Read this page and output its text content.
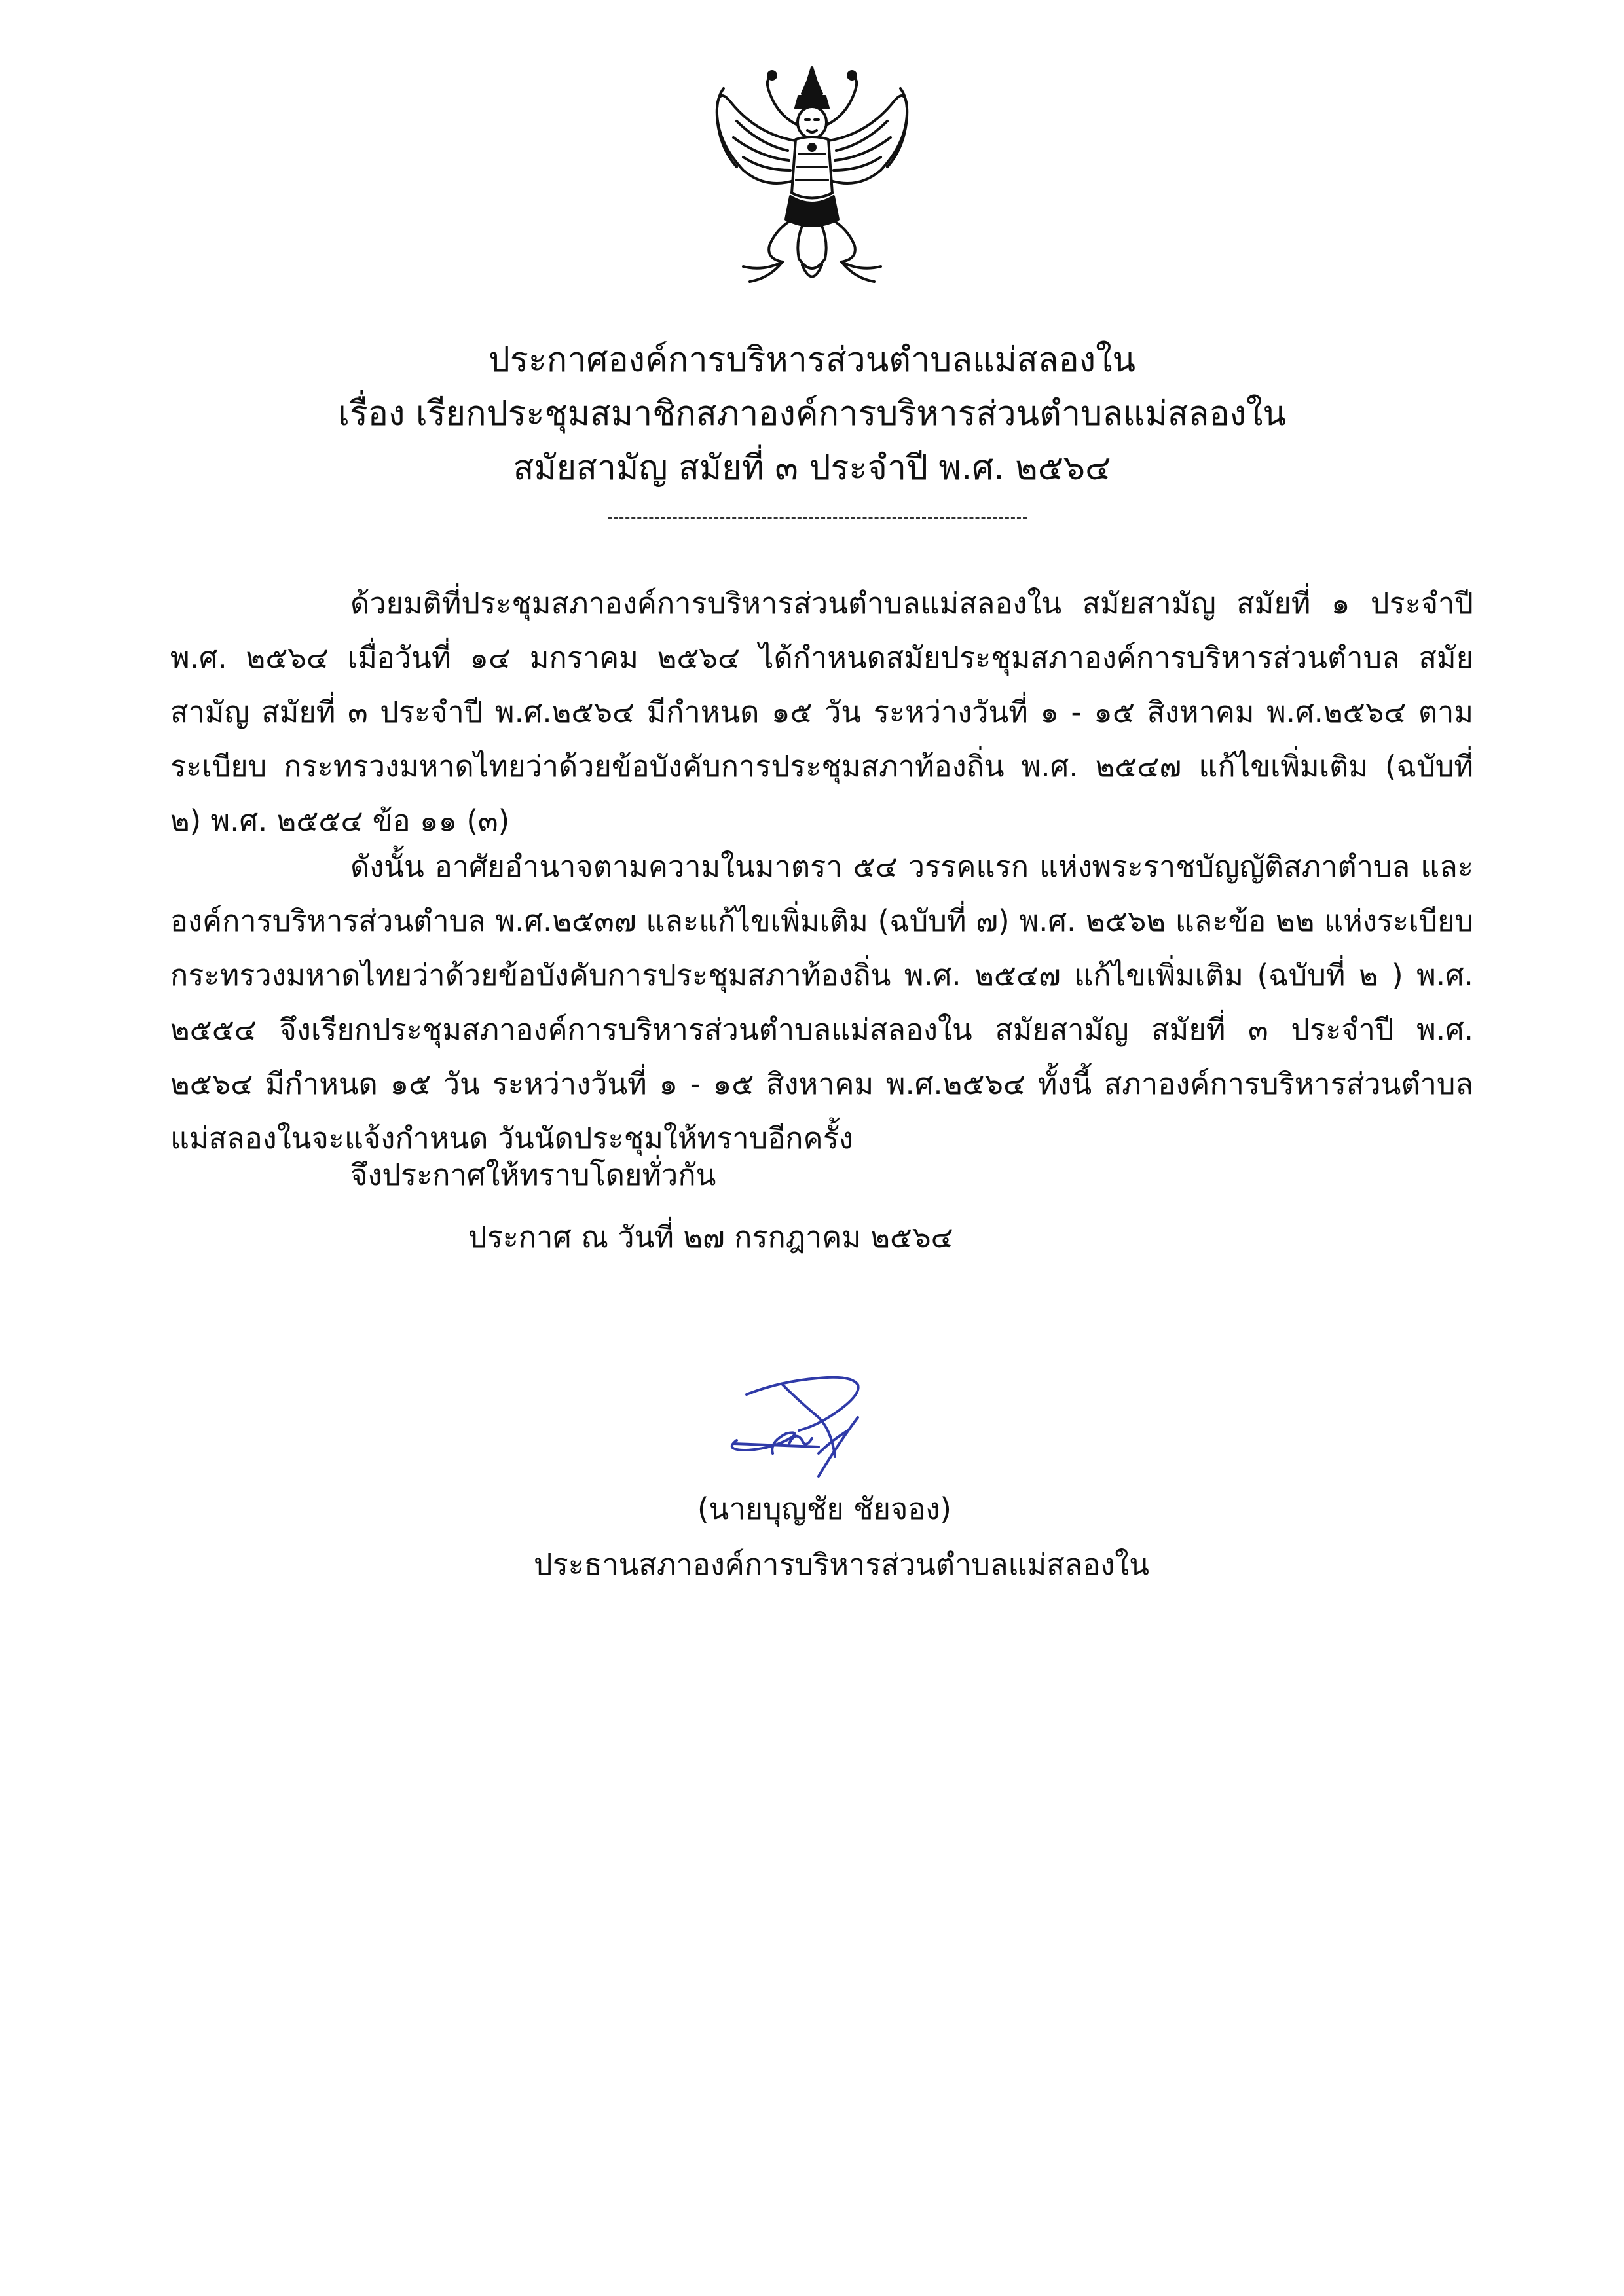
ประกาศองค์การบริหารส่วนตำบลแม่สลองใน
เรื่อง เรียกประชุมสมาชิกสภาองค์การบริหารส่วนตำบลแม่สลองใน
สมัยสามัญ สมัยที่ ๓ ประจำปี พ.ศ. ๒๕๖๔
ด้วยมติที่ประชุมสภาองค์การบริหารส่วนตำบลแม่สลองใน สมัยสามัญ สมัยที่ ๑ ประจำปี พ.ศ. ๒๕๖๔ เมื่อวันที่ ๑๔ มกราคม ๒๕๖๔ ได้กำหนดสมัยประชุมสภาองค์การบริหารส่วนตำบล สมัยสามัญ สมัยที่ ๓ ประจำปี พ.ศ.๒๕๖๔ มีกำหนด ๑๕ วัน ระหว่างวันที่ ๑ - ๑๕ สิงหาคม พ.ศ.๒๕๖๔ ตามระเบียบ กระทรวงมหาดไทยว่าด้วยข้อบังคับการประชุมสภาท้องถิ่น พ.ศ. ๒๕๔๗ แก้ไขเพิ่มเติม (ฉบับที่ ๒) พ.ศ. ๒๕๕๔ ข้อ ๑๑ (๓)
ดังนั้น อาศัยอำนาจตามความในมาตรา ๕๔ วรรคแรก แห่งพระราชบัญญัติสภาตำบล และ องค์การบริหารส่วนตำบล พ.ศ.๒๕๓๗ และแก้ไขเพิ่มเติม (ฉบับที่ ๗) พ.ศ. ๒๕๖๒ และข้อ ๒๒ แห่งระเบียบ กระทรวงมหาดไทยว่าด้วยข้อบังคับการประชุมสภาท้องถิ่น พ.ศ. ๒๕๔๗ แก้ไขเพิ่มเติม (ฉบับที่ ๒ ) พ.ศ. ๒๕๕๔ จึงเรียกประชุมสภาองค์การบริหารส่วนตำบลแม่สลองใน สมัยสามัญ สมัยที่ ๓ ประจำปี พ.ศ. ๒๕๖๔ มีกำหนด ๑๕ วัน ระหว่างวันที่ ๑ - ๑๕ สิงหาคม พ.ศ.๒๕๖๔ ทั้งนี้ สภาองค์การบริหารส่วนตำบลแม่สลองในจะแจ้งกำหนด วันนัดประชุมให้ทราบอีกครั้ง
จึงประกาศให้ทราบโดยทั่วกัน
ประกาศ ณ วันที่ ๒๗ กรกฎาคม ๒๕๖๔
(นายบุญชัย ชัยจอง)
ประธานสภาองค์การบริหารส่วนตำบลแม่สลองใน
